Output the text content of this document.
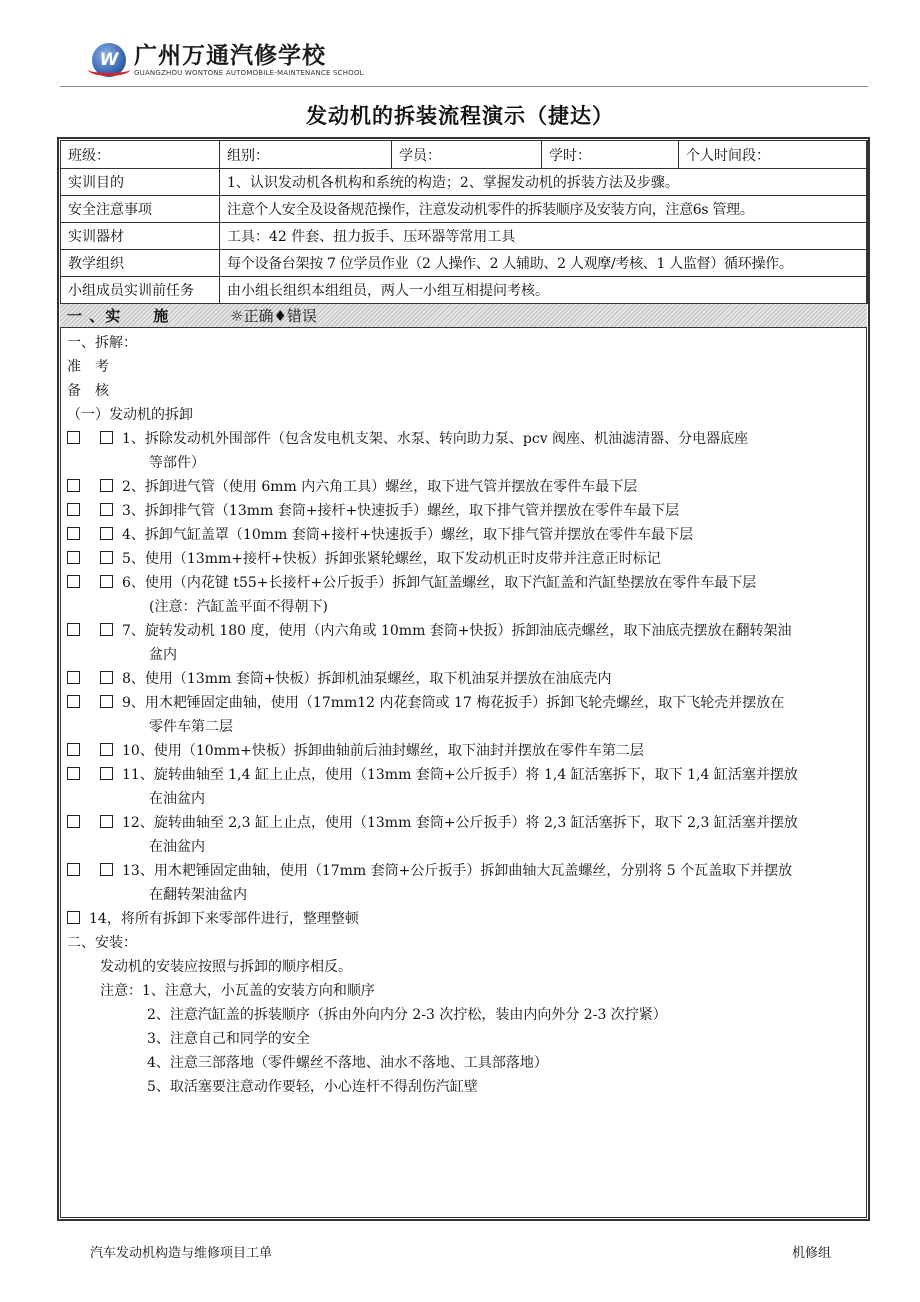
W 广州万通汽修学校
GUANGZHOU WONTONE AUTOMOBILE-MAINTENANCE SCHOOL
发动机的拆装流程演示（捷达）
班级：	组别：	学员：	学时：	个人时间段：
实训目的	1、认识发动机各机构和系统的构造；2、掌握发动机的拆装方法及步骤。			
安全注意事项	注意个人安全及设备规范操作，注意发动机零件的拆装顺序及安装方向，注意6s 管理。			
实训器材	工具：42 件套、扭力扳手、压环器等常用工具			
教学组织	每个设备台架按 7 位学员作业（2 人操作、2 人辅助、2 人观摩/考核、1 人监督）循环操作。			
小组成员实训前任务	由小组长组织本组组员，两人一小组互相提问考核。			
一 、实　　施	☼正确♦错误
一、拆解：
准　考
备　核
（一）发动机的拆卸
1、拆除发动机外围部件（包含发电机支架、水泵、转向助力泵、pcv 阀座、机油滤清器、分电器底座
等部件）
2、拆卸进气管（使用 6mm 内六角工具）螺丝，取下进气管并摆放在零件车最下层
3、拆卸排气管（13mm 套筒+接杆+快速扳手）螺丝，取下排气管并摆放在零件车最下层
4、拆卸气缸盖罩（10mm 套筒+接杆+快速扳手）螺丝，取下排气管并摆放在零件车最下层
5、使用（13mm+接杆+快板）拆卸张紧轮螺丝，取下发动机正时皮带并注意正时标记
6、使用（内花键 t55+长接杆+公斤扳手）拆卸气缸盖螺丝，取下汽缸盖和汽缸垫摆放在零件车最下层
(注意：汽缸盖平面不得朝下)
7、旋转发动机 180 度，使用（内六角或 10mm 套筒+快扳）拆卸油底壳螺丝，取下油底壳摆放在翻转架油
盆内
8、使用（13mm 套筒+快板）拆卸机油泵螺丝，取下机油泵并摆放在油底壳内
9、用木耙锤固定曲轴，使用（17mm12 内花套筒或 17 梅花扳手）拆卸飞轮壳螺丝，取下飞轮壳并摆放在
零件车第二层
10、使用（10mm+快板）拆卸曲轴前后油封螺丝，取下油封并摆放在零件车第二层
11、旋转曲轴至 1,4 缸上止点，使用（13mm 套筒+公斤扳手）将 1,4 缸活塞拆下，取下 1,4 缸活塞并摆放
在油盆内
12、旋转曲轴至 2,3 缸上止点，使用（13mm 套筒+公斤扳手）将 2,3 缸活塞拆下，取下 2,3 缸活塞并摆放
在油盆内
13、用木耙锤固定曲轴，使用（17mm 套筒+公斤扳手）拆卸曲轴大瓦盖螺丝，分别将 5 个瓦盖取下并摆放
在翻转架油盆内
14，将所有拆卸下来零部件进行，整理整顿
二、安装：
发动机的安装应按照与拆卸的顺序相反。
注意：1、注意大，小瓦盖的安装方向和顺序
2、注意汽缸盖的拆装顺序（拆由外向内分 2-3 次拧松，装由内向外分 2-3 次拧紧）
3、注意自己和同学的安全
4、注意三部落地（零件螺丝不落地、油水不落地、工具部落地）
5、取活塞要注意动作要轻，小心连杆不得刮伤汽缸壁
汽车发动机构造与维修项目工单	机修组
